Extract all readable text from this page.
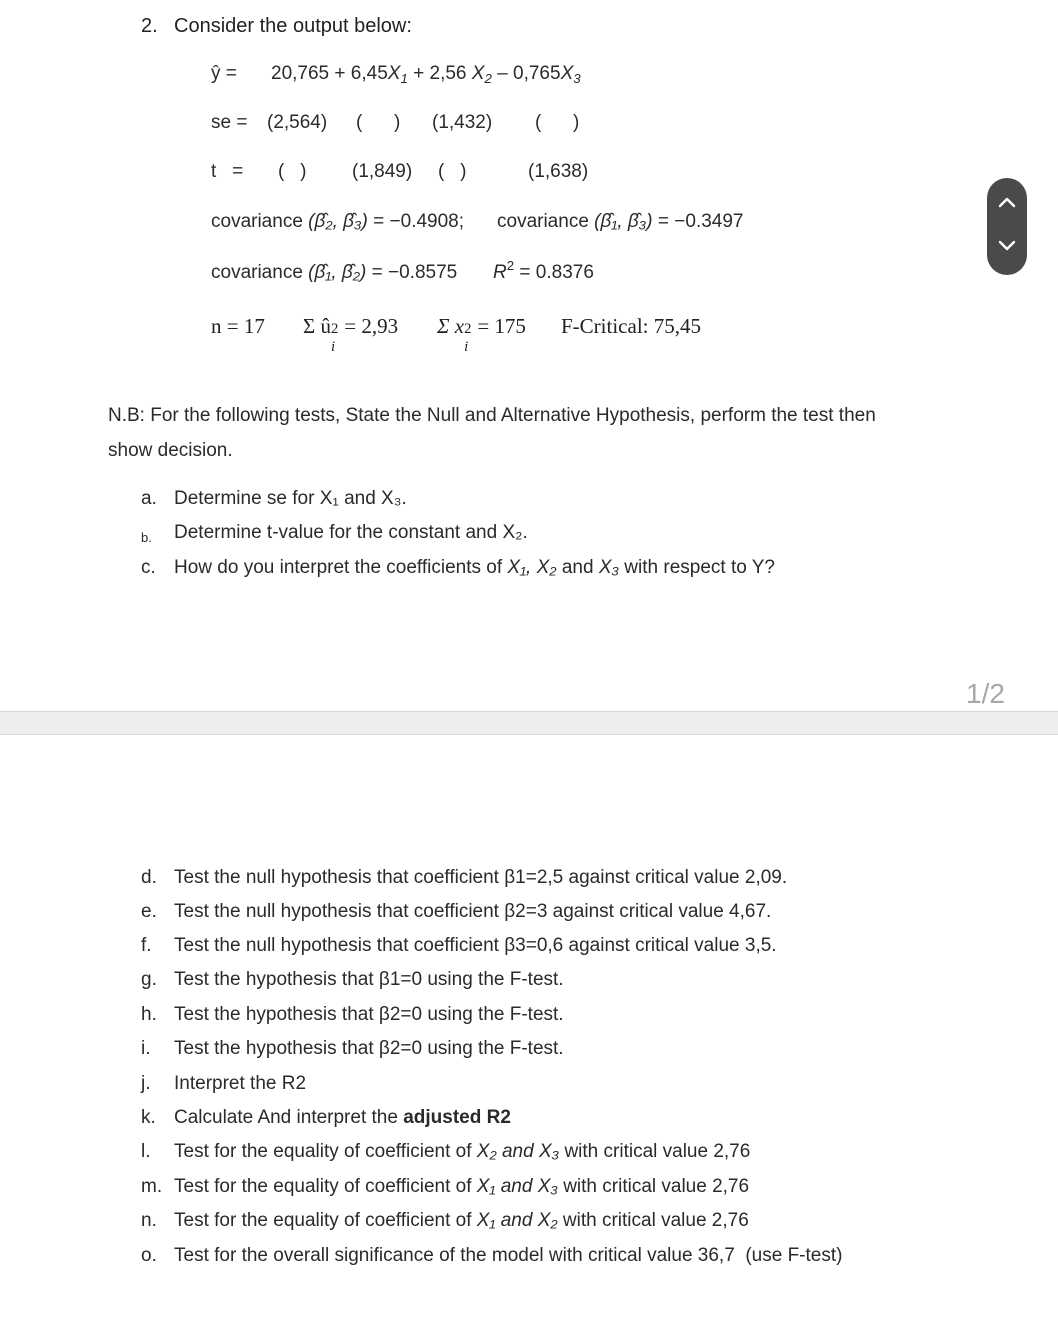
2. Consider the output below:
ŷ = $20,765 + 6,45X_1 + 2,56$ $X_2 - 0,765X_3$
se = (2,564) (      ) (1,432) (      )
t   = (   ) (1,849) (   )	(1,638)
covariance (β̂₂, β̂₃) = −0.4908; covariance (β̂₁, β̂₃) = −0.3497
covariance (β̂₁, β̂₂) = −0.8575 $R^2 = 0.8376$
n = 17 Σ û 2
i
= 2,93 Σ x 2
i
= 175 F-Critical: 75,45
N.B: For the following tests, State the Null and Alternative Hypothesis, perform the test then
show decision.
a. Determine se for X₁ and X₃.
b. Determine t-value for the constant and X₂.
c. How do you interpret the coefficients of X₁, X₂ and X₃ with respect to Y?
1/2
d. Test the null hypothesis that coefficient β1=2,5 against critical value 2,09.
e. Test the null hypothesis that coefficient β2=3 against critical value 4,67.
f. Test the null hypothesis that coefficient β3=0,6 against critical value 3,5.
g. Test the hypothesis that β1=0 using the F-test.
h. Test the hypothesis that β2=0 using the F-test.
i. Test the hypothesis that β2=0 using the F-test.
j. Interpret the R2
k. Calculate And interpret the adjusted R2
l. Test for the equality of coefficient of X₂ and X₃ with critical value 2,76
m. Test for the equality of coefficient of X₁ and X₃ with critical value 2,76
n. Test for the equality of coefficient of X₁ and X₂ with critical value 2,76
o. Test for the overall significance of the model with critical value 36,7  (use F-test)
